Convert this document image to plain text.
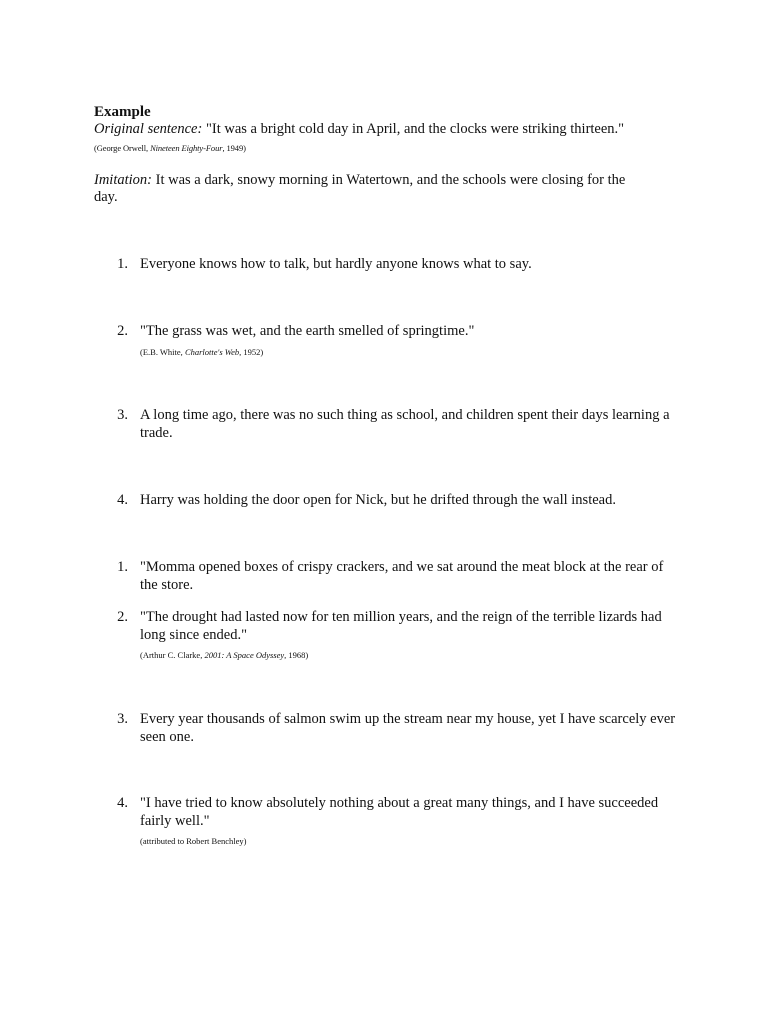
Example
Original sentence: "It was a bright cold day in April, and the clocks were striking thirteen."
(George Orwell, Nineteen Eighty-Four, 1949)
Imitation: It was a dark, snowy morning in Watertown, and the schools were closing for the
day.
1. Everyone knows how to talk, but hardly anyone knows what to say.
2. "The grass was wet, and the earth smelled of springtime."
(E.B. White, Charlotte's Web, 1952)
3. A long time ago, there was no such thing as school, and children spent their days learning a trade.
4. Harry was holding the door open for Nick, but he drifted through the wall instead.
1. "Momma opened boxes of crispy crackers, and we sat around the meat block at the rear of the store.
2. "The drought had lasted now for ten million years, and the reign of the terrible lizards had long since ended."
(Arthur C. Clarke, 2001: A Space Odyssey, 1968)
3. Every year thousands of salmon swim up the stream near my house, yet I have scarcely ever seen one.
4. "I have tried to know absolutely nothing about a great many things, and I have succeeded fairly well."
(attributed to Robert Benchley)
